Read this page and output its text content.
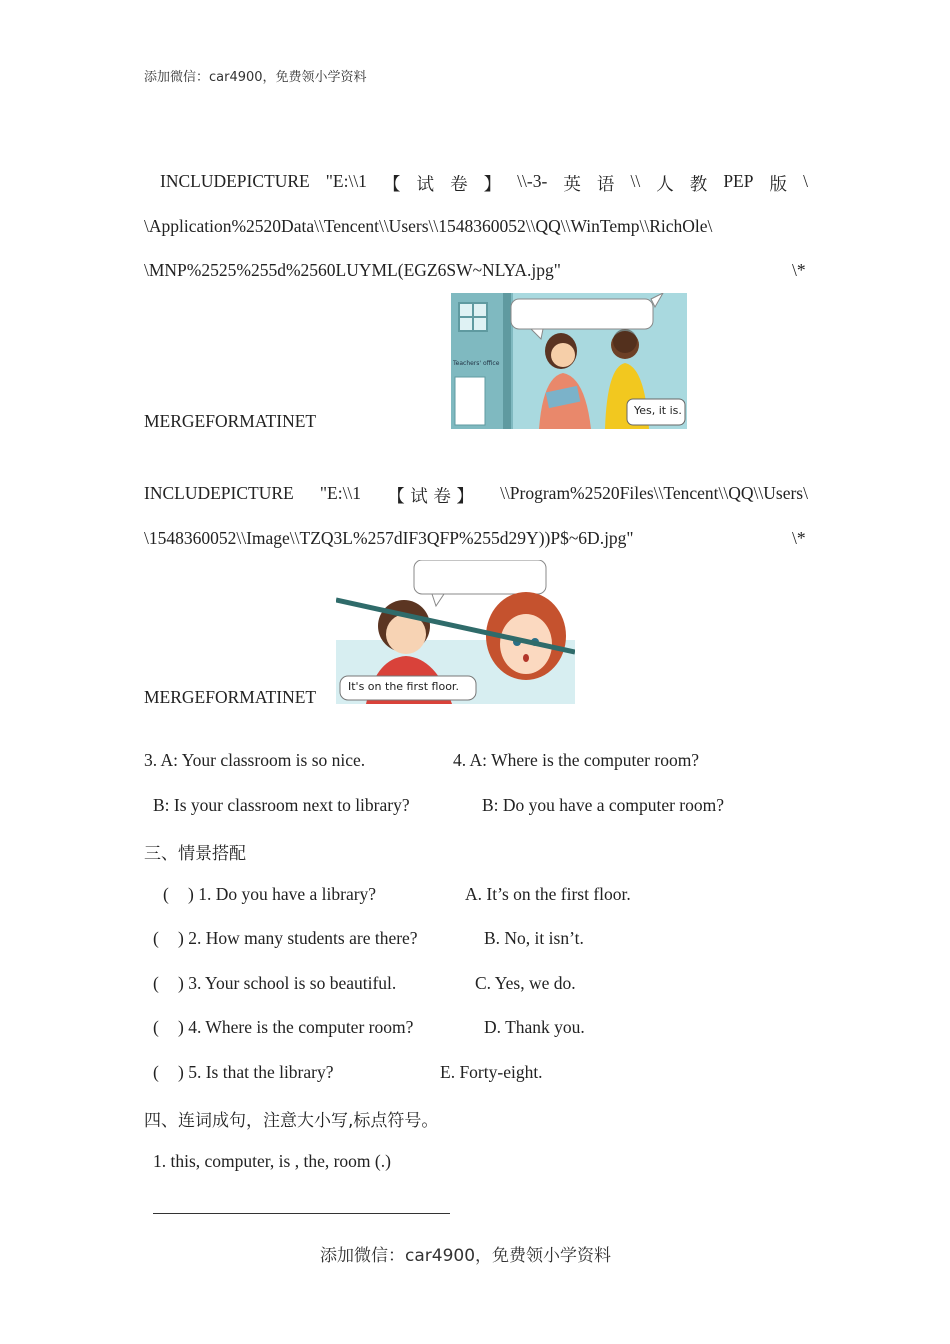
添加微信：car4900，免费领小学资料
INCLUDEPICTURE "E:\\1 【 试 卷 】 \\-3- 英 语 \\ 人 教 PEP 版 \
\Application%2520Data\\Tencent\\Users\\1548360052\\QQ\\WinTemp\\RichOle\
\MNP%2525%255d%2560LUYML(EGZ6SW~NLYA.jpg"	\*
MERGEFORMATINET
Teachers' office
Yes, it is.
INCLUDEPICTURE "E:\\1 【 试 卷 】 \\Program%2520Files\\Tencent\\QQ\\Users\
\1548360052\\Image\\TZQ3L%257dIF3QFP%255d29Y))P$~6D.jpg"	\*
MERGEFORMATINET
It's on the first floor.
3. A: Your classroom is so nice.	4. A: Where is the computer room?
B: Is your classroom next to library?	B: Do you have a computer room?
三、情景搭配
( ) 1. Do you have a library?	A. It’s on the first floor.
( ) 2. How many students are there?	B. No, it isn’t.
( ) 3. Your school is so beautiful.	C. Yes, we do.
( ) 4. Where is the computer room?	D. Thank you.
( ) 5. Is that the library?	E. Forty-eight.
四、连词成句，注意大小写,标点符号。
1. this, computer, is , the, room (.)
添加微信：car4900，免费领小学资料
